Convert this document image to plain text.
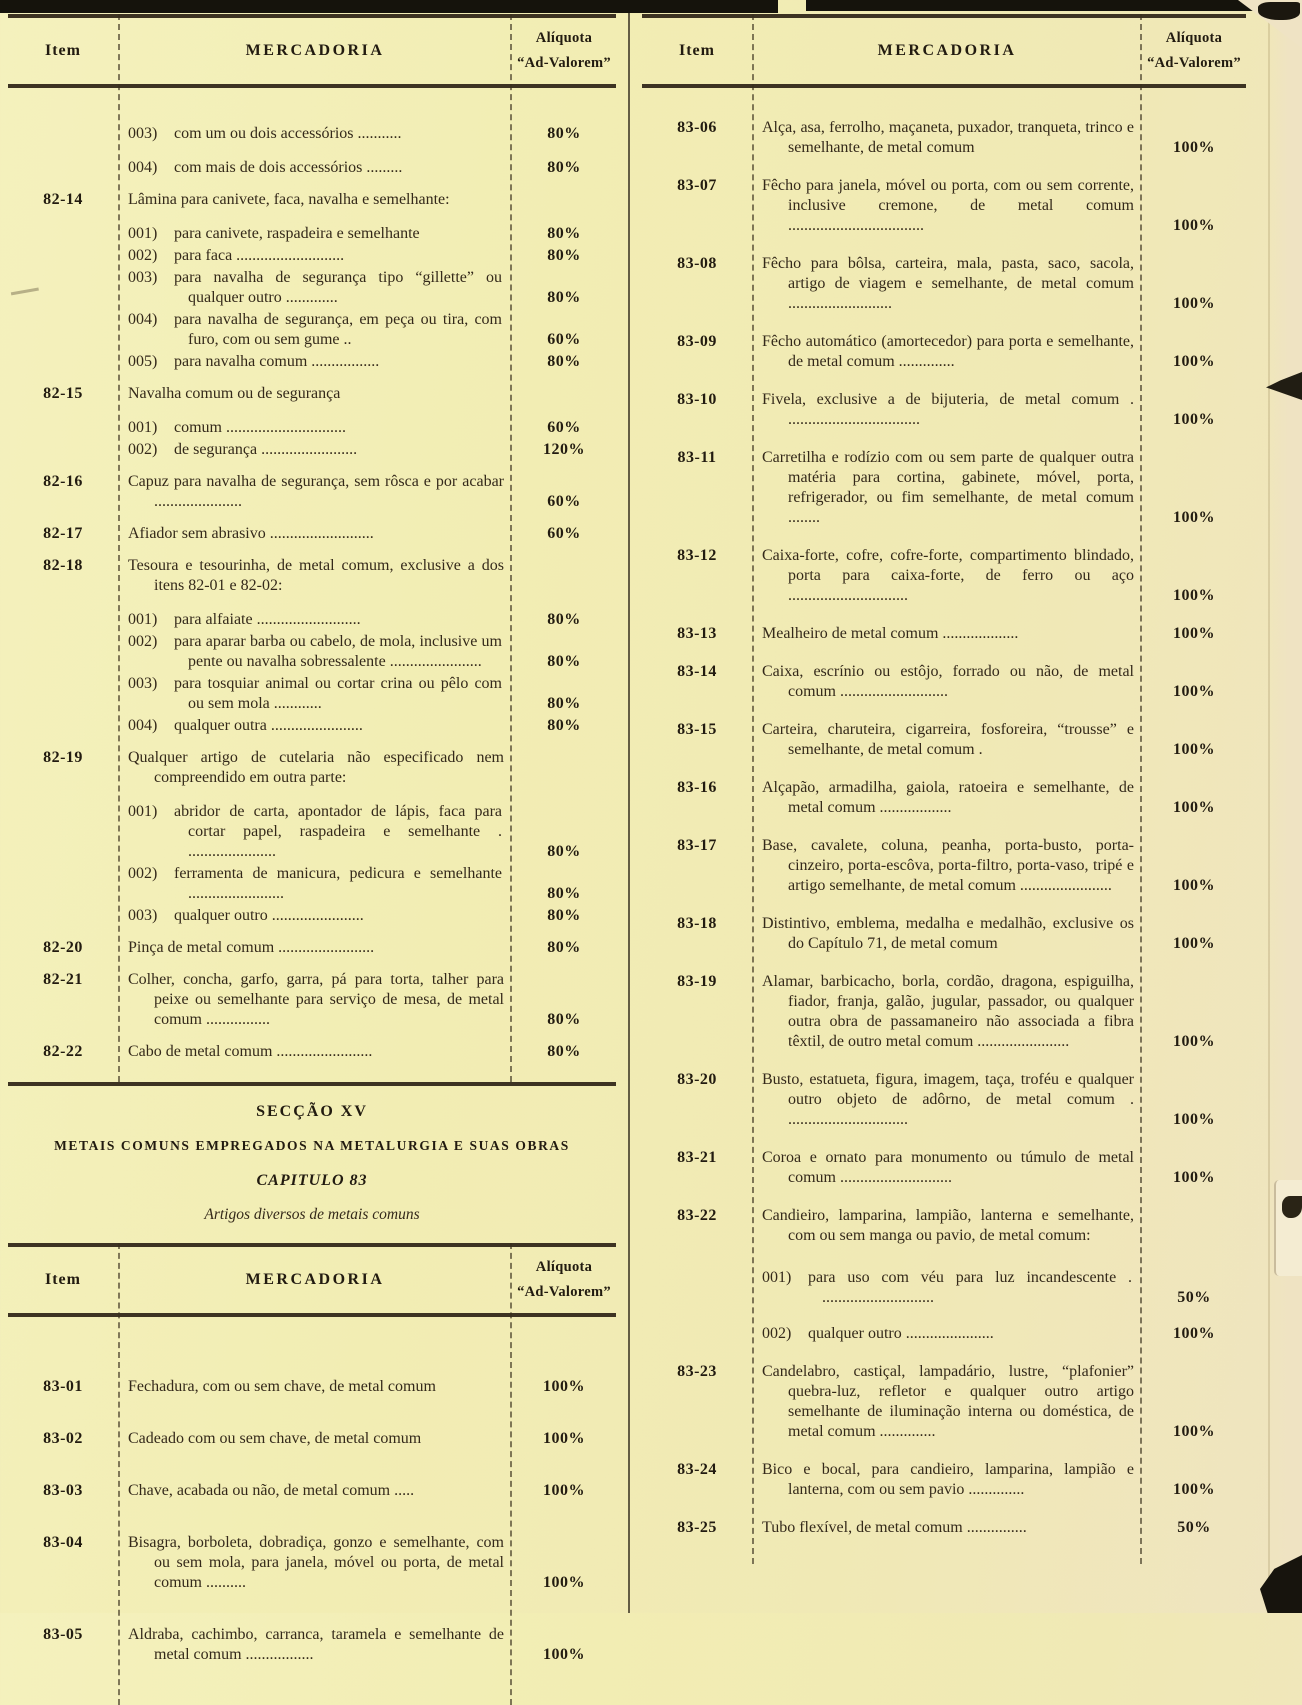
Item	MERCADORIA
Alíquota
“Ad-Valorem”
003)	com um ou dois accessórios ...........	80%
004)	com mais de dois accessórios .........	80%
82-14	Lâmina para canivete, faca, navalha e semelhante:
001)	para canivete, raspadeira e semelhante	80%
002)	para faca ...........................	80%
003)	para navalha de segurança tipo “gillette” ou qualquer outro .............	80%
004)	para navalha de segurança, em peça ou tira, com furo, com ou sem gume ..	60%
005)	para navalha comum .................	80%
82-15	Navalha comum ou de segurança
001)	comum ..............................	60%
002)	de segurança ........................	120%
82-16	Capuz para navalha de segurança, sem rôsca e por acabar ......................	60%
82-17	Afiador sem abrasivo ..........................	60%
82-18	Tesoura e tesourinha, de metal comum, exclusive a dos itens 82-01 e 82-02:
001)	para alfaiate ..........................	80%
002)	para aparar barba ou cabelo, de mola, inclusive um pente ou navalha sobressalente .......................	80%
003)	para tosquiar animal ou cortar crina ou pêlo com ou sem mola ............	80%
004)	qualquer outra .......................	80%
82-19	Qualquer artigo de cutelaria não especificado nem compreendido em outra parte:
001)	abridor de carta, apontador de lápis, faca para cortar papel, raspadeira e semelhante . ......................	80%
002)	ferramenta de manicura, pedicura e semelhante ........................	80%
003)	qualquer outro .......................	80%
82-20	Pinça de metal comum ........................	80%
82-21	Colher, concha, garfo, garra, pá para torta, talher para peixe ou semelhante para serviço de mesa, de metal comum ................	80%
82-22	Cabo de metal comum ........................	80%
SECÇÃO XV
METAIS COMUNS EMPREGADOS NA METALURGIA E SUAS OBRAS
CAPITULO 83
Artigos diversos de metais comuns
Item	MERCADORIA
Alíquota
“Ad-Valorem”
83-01	Fechadura, com ou sem chave, de metal comum	100%
83-02	Cadeado com ou sem chave, de metal comum	100%
83-03	Chave, acabada ou não, de metal comum .....	100%
83-04	Bisagra, borboleta, dobradiça, gonzo e semelhante, com ou sem mola, para janela, móvel ou porta, de metal comum ..........	100%
83-05	Aldraba, cachimbo, carranca, taramela e semelhante de metal comum .................	100%
Item	MERCADORIA
Alíquota
“Ad-Valorem”
83-06	Alça, asa, ferrolho, maçaneta, puxador, tranqueta, trinco e semelhante, de metal comum	100%
83-07	Fêcho para janela, móvel ou porta, com ou sem corrente, inclusive cremone, de metal comum ..................................	100%
83-08	Fêcho para bôlsa, carteira, mala, pasta, saco, sacola, artigo de viagem e semelhante, de metal comum ..........................	100%
83-09	Fêcho automático (amortecedor) para porta e semelhante, de metal comum ..............	100%
83-10	Fivela, exclusive a de bijuteria, de metal comum . .................................	100%
83-11	Carretilha e rodízio com ou sem parte de qualquer outra matéria para cortina, gabinete, móvel, porta, refrigerador, ou fim semelhante, de metal comum ........	100%
83-12	Caixa-forte, cofre, cofre-forte, compartimento blindado, porta para caixa-forte, de ferro ou aço ..............................	100%
83-13	Mealheiro de metal comum ...................	100%
83-14	Caixa, escrínio ou estôjo, forrado ou não, de metal comum ...........................	100%
83-15	Carteira, charuteira, cigarreira, fosforeira, “trousse” e semelhante, de metal comum .	100%
83-16	Alçapão, armadilha, gaiola, ratoeira e semelhante, de metal comum ..................	100%
83-17	Base, cavalete, coluna, peanha, porta-busto, porta-cinzeiro, porta-escôva, porta-filtro, porta-vaso, tripé e artigo semelhante, de metal comum .......................	100%
83-18	Distintivo, emblema, medalha e medalhão, exclusive os do Capítulo 71, de metal comum	100%
83-19	Alamar, barbicacho, borla, cordão, dragona, espiguilha, fiador, franja, galão, jugular, passador, ou qualquer outra obra de passamaneiro não associada a fibra têxtil, de outro metal comum .......................	100%
83-20	Busto, estatueta, figura, imagem, taça, troféu e qualquer outro objeto de adôrno, de metal comum . ..............................	100%
83-21	Coroa e ornato para monumento ou túmulo de metal comum ............................	100%
83-22	Candieiro, lamparina, lampião, lanterna e semelhante, com ou sem manga ou pavio, de metal comum:
001)	para uso com véu para luz incandescente . ............................	50%
002)	qualquer outro ......................	100%
83-23	Candelabro, castiçal, lampadário, lustre, “plafonier” quebra-luz, refletor e qualquer outro artigo semelhante de iluminação interna ou doméstica, de metal comum ..............	100%
83-24	Bico e bocal, para candieiro, lamparina, lampião e lanterna, com ou sem pavio ..............	100%
83-25	Tubo flexível, de metal comum ...............	50%
